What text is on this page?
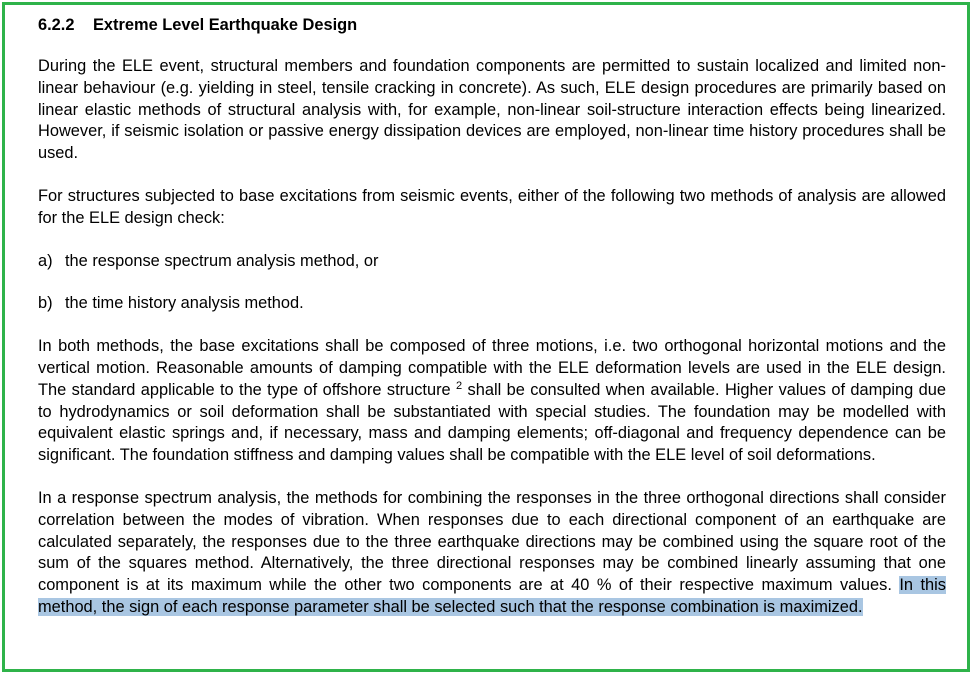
6.2.2 Extreme Level Earthquake Design

During the ELE event, structural members and foundation components are permitted to sustain localized and limited non-linear behaviour (e.g. yielding in steel, tensile cracking in concrete). As such, ELE design procedures are primarily based on linear elastic methods of structural analysis with, for example, non-linear soil-structure interaction effects being linearized. However, if seismic isolation or passive energy dissipation devices are employed, non-linear time history procedures shall be used.

For structures subjected to base excitations from seismic events, either of the following two methods of analysis are allowed for the ELE design check:

a) the response spectrum analysis method, or
b) the time history analysis method.

In both methods, the base excitations shall be composed of three motions, i.e. two orthogonal horizontal motions and the vertical motion. Reasonable amounts of damping compatible with the ELE deformation levels are used in the ELE design. The standard applicable to the type of offshore structure $^2$ shall be consulted when available. Higher values of damping due to hydrodynamics or soil deformation shall be substantiated with special studies. The foundation may be modelled with equivalent elastic springs and, if necessary, mass and damping elements; off-diagonal and frequency dependence can be significant. The foundation stiffness and damping values shall be compatible with the ELE level of soil deformations.

In a response spectrum analysis, the methods for combining the responses in the three orthogonal directions shall consider correlation between the modes of vibration. When responses due to each directional component of an earthquake are calculated separately, the responses due to the three earthquake directions may be combined using the square root of the sum of the squares method. Alternatively, the three directional responses may be combined linearly assuming that one component is at its maximum while the other two components are at 40 % of their respective maximum values. In this method, the sign of each response parameter shall be selected such that the response combination is maximized.
